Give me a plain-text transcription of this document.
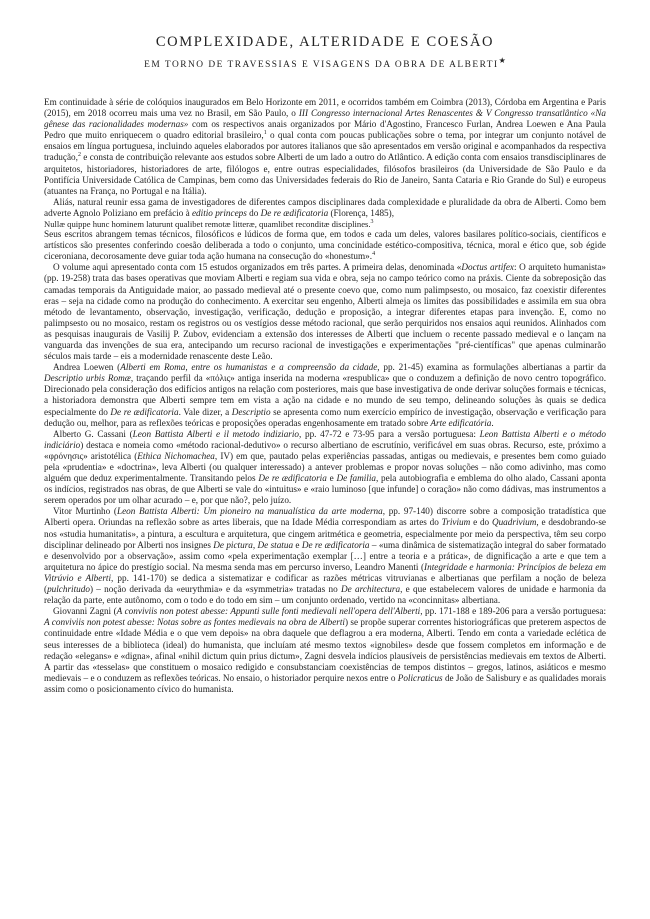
COMPLEXIDADE, ALTERIDADE E COESÃO
EM TORNO DE TRAVESSIAS E VISAGENS DA OBRA DE ALBERTI★

Em continuidade à série de colóquios inaugurados em Belo Horizonte em 2011, e ocorridos também em Coimbra (2013), Córdoba em Argentina e Paris (2015), em 2018 ocorreu mais uma vez no Brasil, em São Paulo, o III Congresso internacional Artes Renascentes & V Congresso transatlântico «Na gênese das racionalidades modernas» com os respectivos anais organizados por Mário d'Agostino, Francesco Furlan, Andrea Loewen e Ana Paula Pedro que muito enriquecem o quadro editorial brasileiro,$^1$ o qual conta com poucas publicações sobre o tema, por integrar um conjunto notável de ensaios em língua portuguesa, incluindo aqueles elaborados por autores italianos que são apresentados em versão original e acompanhados da respectiva tradução,$^2$ e consta de contribuição relevante aos estudos sobre Alberti de um lado a outro do Atlântico. A edição conta com ensaios transdisciplinares de arquitetos, historiadores, historiadores de arte, filólogos e, entre outras especialidades, filósofos brasileiros (da Universidade de São Paulo e da Pontifícia Universidade Católica de Campinas, bem como das Universidades federais do Rio de Janeiro, Santa Cataria e Rio Grande do Sul) e europeus (atuantes na França, no Portugal e na Itália).

Aliás, natural reunir essa gama de investigadores de diferentes campos disciplinares dada complexidade e pluralidade da obra de Alberti. Como bem adverte Agnolo Poliziano em prefácio à editio princeps do De re ædificatoria (Florença, 1485),

Nullæ quippe hunc hominem laturunt qualibet remotæ litteræ, quamlibet reconditæ disciplines.$^3$

Seus escritos abrangem temas técnicos, filosóficos e lúdicos de forma que, em todos e cada um deles, valores basilares político-sociais, científicos e artísticos são presentes conferindo coesão deliberada a todo o conjunto, uma concinidade estético-compositiva, técnica, moral e ético que, sob égide ciceroniana, decorosamente deve guiar toda ação humana na consecução do «honestum».$^4$

O volume aqui apresentado conta com 15 estudos organizados em três partes. A primeira delas, denominada «Doctus artifex: O arquiteto humanista» (pp. 19-258) trata das bases operativas que moviam Alberti e regiam sua vida e obra, seja no campo teórico como na práxis. Ciente da sobreposição das camadas temporais da Antiguidade maior, ao passado medieval até o presente coevo que, como num palimpsesto, ou mosaico, faz coexistir diferentes eras – seja na cidade como na produção do conhecimento. A exercitar seu engenho, Alberti almeja os limites das possibilidades e assimila em sua obra método de levantamento, observação, investigação, verificação, dedução e proposição, a integrar diferentes etapas para invenção. E, como no palimpsesto ou no mosaico, restam os registros ou os vestígios desse método racional, que serão perquiridos nos ensaios aqui reunidos. Alinhados com as pesquisas inaugurais de Vasilij P. Zubov, evidenciam a extensão dos interesses de Alberti que incluem o recente passado medieval e o lançam na vanguarda das invenções de sua era, antecipando um recurso racional de investigações e experimentações "pré-científicas" que apenas culminarão séculos mais tarde – eis a modernidade renascente deste Leão.

Andrea Loewen (Alberti em Roma, entre os humanistas e a compreensão da cidade, pp. 21-45) examina as formulações albertianas a partir da Descriptio urbis Romæ, traçando perfil da «πόλις» antiga inserida na moderna «respublica» que o conduzem a definição de novo centro topográfico. Direcionado pela consideração dos edifícios antigos na relação com posteriores, mais que base investigativa de onde derivar soluções formais e técnicas, a historiadora demonstra que Alberti sempre tem em vista a ação na cidade e no mundo de seu tempo, delineando soluções às quais se dedica especialmente do De re ædificatoria. Vale dizer, a Descriptio se apresenta como num exercício empírico de investigação, observação e verificação para dedução ou, melhor, para as reflexões teóricas e proposições operadas engenhosamente em tratado sobre Arte edificatória.

Alberto G. Cassani (Leon Battista Alberti e il metodo indiziario, pp. 47-72 e 73-95 para a versão portuguesa: Leon Battista Alberti e o método indiciário) destaca e nomeia como «método racional-dedutivo» o recurso albertiano de escrutínio, verificável em suas obras. Recurso, este, próximo a «φρόνησις» aristotélica (Ethica Nichomachea, IV) em que, pautado pelas experiências passadas, antigas ou medievais, e presentes bem como guiado pela «prudentia» e «doctrina», leva Alberti (ou qualquer interessado) a antever problemas e propor novas soluções – não como adivinho, mas como alguém que deduz experimentalmente. Transitando pelos De re ædificatoria e De familia, pela autobiografia e emblema do olho alado, Cassani aponta os indícios, registrados nas obras, de que Alberti se vale do «intuitus» e «raio luminoso [que infunde] o coração» não como dádivas, mas instrumentos a serem operados por um olhar acurado – e, por que não?, pelo juízo.

Vitor Murtinho (Leon Battista Alberti: Um pioneiro na manualística da arte moderna, pp. 97-140) discorre sobre a composição tratadística que Alberti opera. Oriundas na reflexão sobre as artes liberais, que na Idade Média correspondiam as artes do Trivium e do Quadrivium, e desdobrando-se nos «studia humanitatis», a pintura, a escultura e arquitetura, que cingem aritmética e geometria, especialmente por meio da perspectiva, têm seu corpo disciplinar delineado por Alberti nos insignes De pictura, De statua e De re ædificatoria – «uma dinâmica de sistematização integral do saber formatado e desenvolvido por a observação», assim como «pela experimentação exemplar […] entre a teoria e a prática», de dignificação a arte e que tem a arquitetura no ápice do prestígio social. Na mesma senda mas em percurso inverso, Leandro Manenti (Integridade e harmonia: Princípios de beleza em Vitrúvio e Alberti, pp. 141-170) se dedica a sistematizar e codificar as razões métricas vitruvianas e albertianas que perfilam a noção de beleza (pulchritudo) – noção derivada da «eurythmia» e da «symmetria» tratadas no De architectura, e que estabelecem valores de unidade e harmonia da relação da parte, ente autônomo, com o todo e do todo em sim – um conjunto ordenado, vertido na «concinnitas» albertiana.

Giovanni Zagni (A conviviis non potest abesse: Appunti sulle fonti medievali nell'opera dell'Alberti, pp. 171-188 e 189-206 para a versão portuguesa: A conviviis non potest abesse: Notas sobre as fontes medievais na obra de Alberti) se propõe superar correntes historiográficas que preterem aspectos de continuidade entre «Idade Média e o que vem depois» na obra daquele que deflagrou a era moderna, Alberti. Tendo em conta a variedade eclética de seus interesses de a biblioteca (ideal) do humanista, que incluíam até mesmo textos «ignobiles» desde que fossem completos em informação e de redação «elegans» e «digna», afinal «nihil dictum quin prius dictum», Zagni desvela indícios plausíveis de persistências medievais em textos de Alberti. A partir das «tesselas» que constituem o mosaico redigido e consubstanciam coexistências de tempos distintos – gregos, latinos, asiáticos e mesmo medievais – e o conduzem as reflexões teóricas. No ensaio, o historiador perquire nexos entre o Policraticus de João de Salisbury e as qualidades morais assim como o posicionamento cívico do humanista.
